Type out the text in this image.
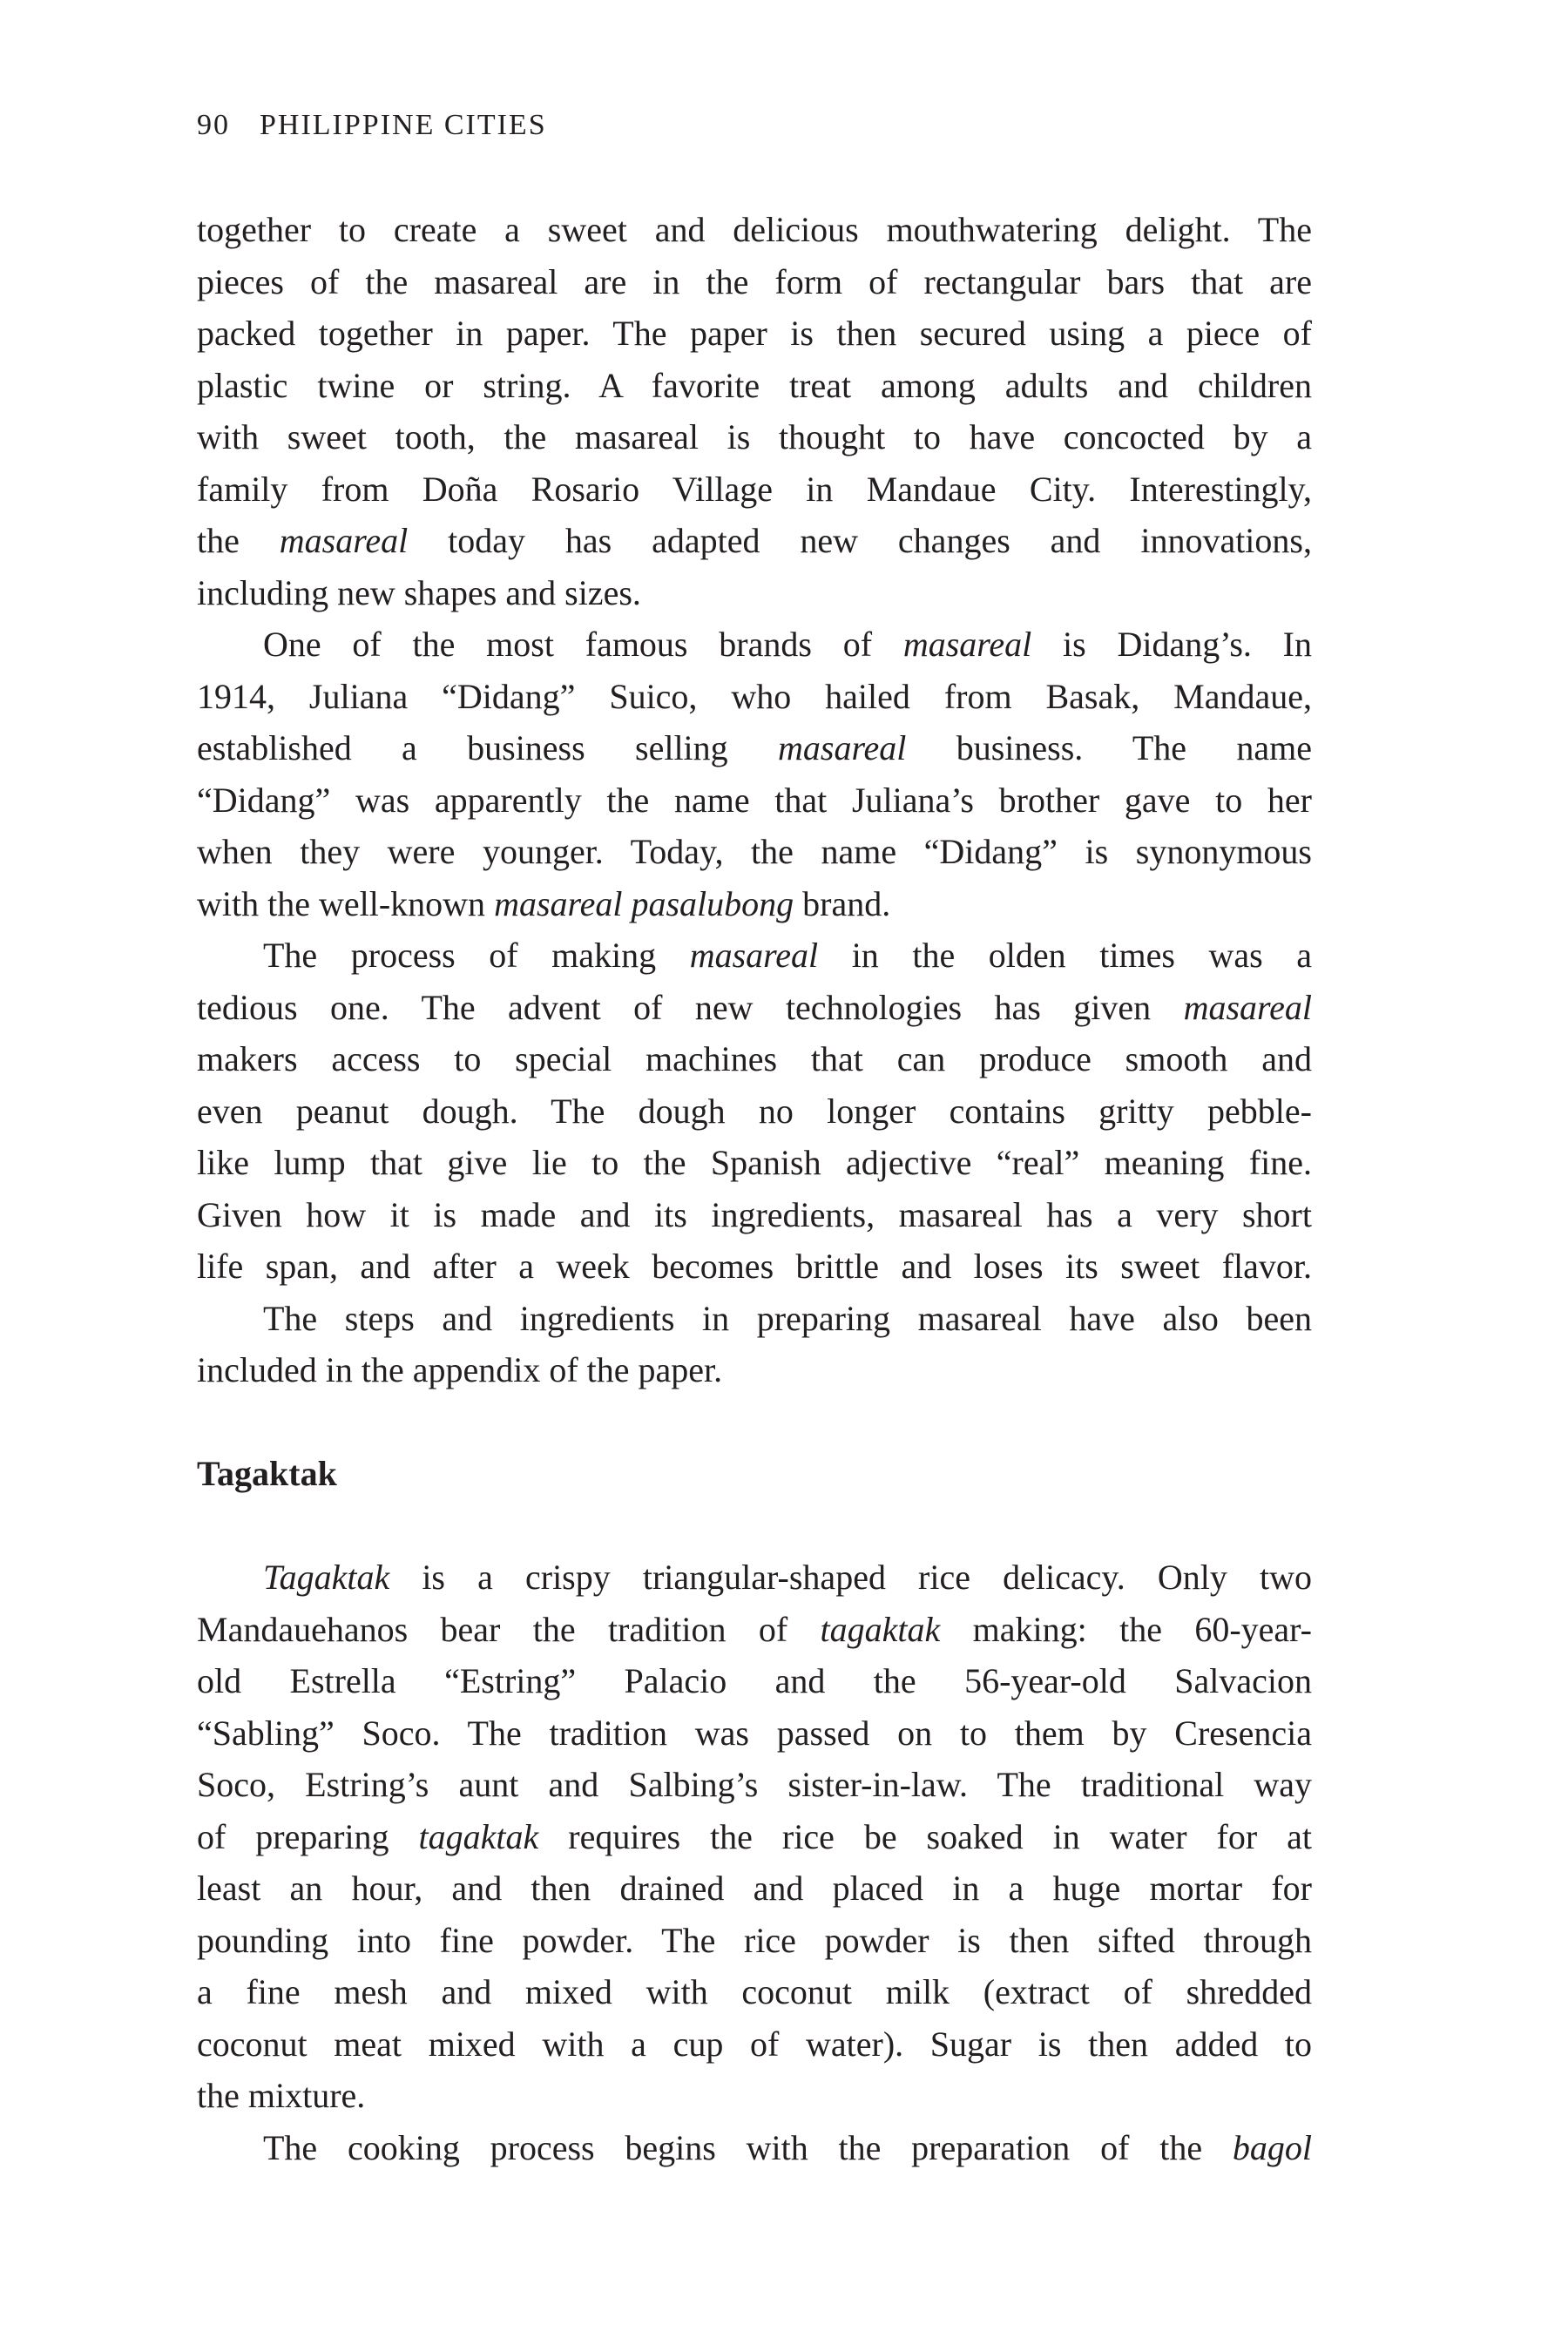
90 PHILIPPINE CITIES
together to create a sweet and delicious mouthwatering delight. The
pieces of the masareal are in the form of rectangular bars that are
packed together in paper. The paper is then secured using a piece of
plastic twine or string. A favorite treat among adults and children
with sweet tooth, the masareal is thought to have concocted by a
family from Doña Rosario Village in Mandaue City. Interestingly,
the masareal today has adapted new changes and innovations,
including new shapes and sizes.
One of the most famous brands of masareal is Didang’s. In
1914, Juliana “Didang” Suico, who hailed from Basak, Mandaue,
established a business selling masareal business. The name
“Didang” was apparently the name that Juliana’s brother gave to her
when they were younger. Today, the name “Didang” is synonymous
with the well-known masareal pasalubong brand.
The process of making masareal in the olden times was a
tedious one. The advent of new technologies has given masareal
makers access to special machines that can produce smooth and
even peanut dough. The dough no longer contains gritty pebble-
like lump that give lie to the Spanish adjective “real” meaning fine.
Given how it is made and its ingredients, masareal has a very short
life span, and after a week becomes brittle and loses its sweet flavor.
The steps and ingredients in preparing masareal have also been
included in the appendix of the paper.
Tagaktak
Tagaktak is a crispy triangular-shaped rice delicacy. Only two
Mandauehanos bear the tradition of tagaktak making: the 60-year-
old Estrella “Estring” Palacio and the 56-year-old Salvacion
“Sabling” Soco. The tradition was passed on to them by Cresencia
Soco, Estring’s aunt and Salbing’s sister-in-law. The traditional way
of preparing tagaktak requires the rice be soaked in water for at
least an hour, and then drained and placed in a huge mortar for
pounding into fine powder. The rice powder is then sifted through
a fine mesh and mixed with coconut milk (extract of shredded
coconut meat mixed with a cup of water). Sugar is then added to
the mixture.
The cooking process begins with the preparation of the bagol
